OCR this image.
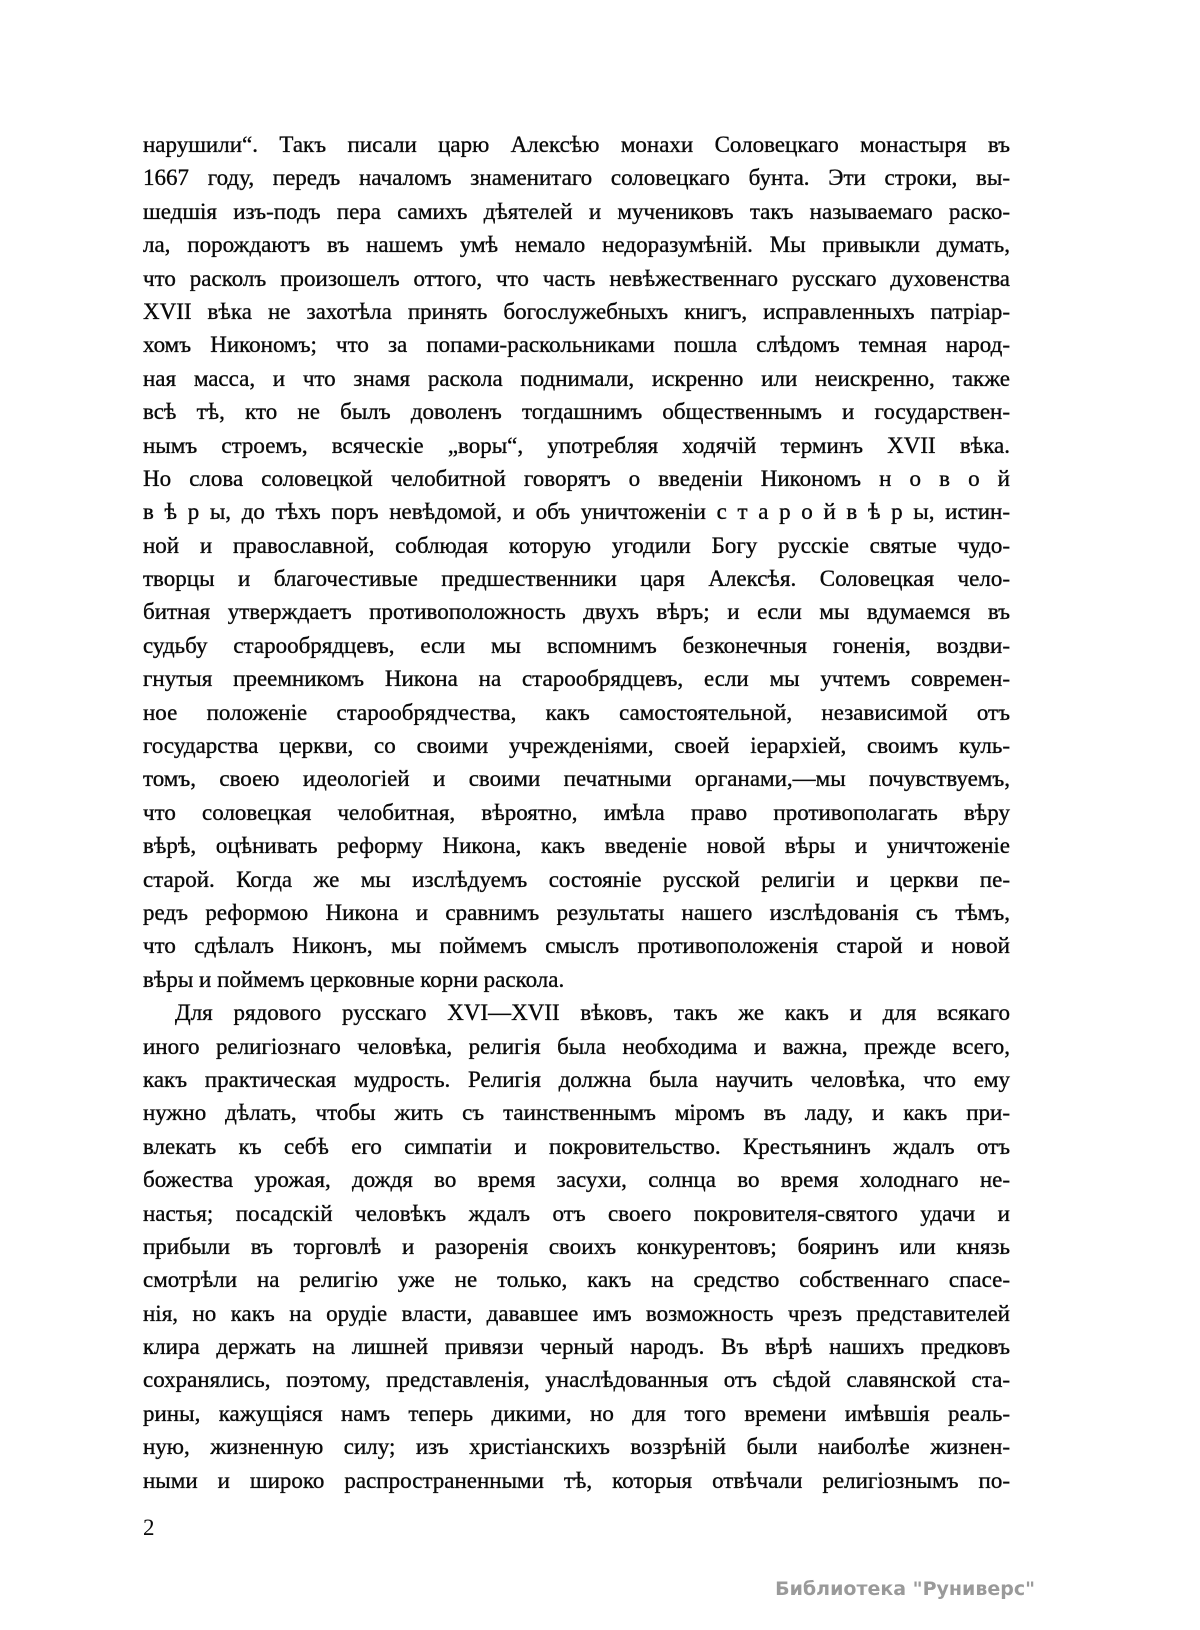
нарушили“. Такъ писали царю Алексѣю монахи Соловецкаго монастыря въ
1667 году, передъ началомъ знаменитаго соловецкаго бунта. Эти строки, вы-
шедшія изъ-подъ пера самихъ дѣятелей и мучениковъ такъ называемаго раско-
ла, порождаютъ въ нашемъ умѣ немало недоразумѣній. Мы привыкли думать,
что расколъ произошелъ оттого, что часть невѣжественнаго русскаго духовенства
XVII вѣка не захотѣла принять богослужебныхъ книгъ, исправленныхъ патріар-
хомъ Никономъ; что за попами-раскольниками пошла слѣдомъ темная народ-
ная масса, и что знамя раскола поднимали, искренно или неискренно, также
всѣ тѣ, кто не былъ доволенъ тогдашнимъ общественнымъ и государствен-
нымъ строемъ, всяческіе „воры“, употребляя ходячій терминъ XVII вѣка.
Но слова соловецкой челобитной говорятъ о введеніи Никономъ н о в о й
в ѣ р ы, до тѣхъ поръ невѣдомой, и объ уничтоженіи с т а р о й в ѣ р ы, истин-
ной и православной, соблюдая которую угодили Богу русскіе святые чудо-
творцы и благочестивые предшественники царя Алексѣя. Соловецкая чело-
битная утверждаетъ противоположность двухъ вѣръ; и если мы вдумаемся въ
судьбу старообрядцевъ, если мы вспомнимъ безконечныя гоненія, воздви-
гнутыя преемникомъ Никона на старообрядцевъ, если мы учтемъ современ-
ное положеніе старообрядчества, какъ самостоятельной, независимой отъ
государства церкви, со своими учрежденіями, своей іерархіей, своимъ куль-
томъ, своею идеологіей и своими печатными органами,—мы почувствуемъ,
что соловецкая челобитная, вѣроятно, имѣла право противополагать вѣру
вѣрѣ, оцѣнивать реформу Никона, какъ введеніе новой вѣры и уничтоженіе
старой. Когда же мы изслѣдуемъ состояніе русской религіи и церкви пе-
редъ реформою Никона и сравнимъ результаты нашего изслѣдованія съ тѣмъ,
что сдѣлалъ Никонъ, мы поймемъ смыслъ противоположенія старой и новой
вѣры и поймемъ церковные корни раскола.
Для рядового русскаго XVI—XVII вѣковъ, такъ же какъ и для всякаго
иного религіознаго человѣка, религія была необходима и важна, прежде всего,
какъ практическая мудрость. Религія должна была научить человѣка, что ему
нужно дѣлать, чтобы жить съ таинственнымъ міромъ въ ладу, и какъ при-
влекать къ себѣ его симпатіи и покровительство. Крестьянинъ ждалъ отъ
божества урожая, дождя во время засухи, солнца во время холоднаго не-
настья; посадскій человѣкъ ждалъ отъ своего покровителя-святого удачи и
прибыли въ торговлѣ и разоренія своихъ конкурентовъ; бояринъ или князь
смотрѣли на религію уже не только, какъ на средство собственнаго спасе-
нія, но какъ на орудіе власти, дававшее имъ возможность чрезъ представителей
клира держать на лишней привязи черный народъ. Въ вѣрѣ нашихъ предковъ
сохранялись, поэтому, представленія, унаслѣдованныя отъ сѣдой славянской ста-
рины, кажущіяся намъ теперь дикими, но для того времени имѣвшія реаль-
ную, жизненную силу; изъ христіанскихъ воззрѣній были наиболѣе жизнен-
ными и широко распространенными тѣ, которыя отвѣчали религіознымъ по-
2
Библиотека "Руниверс"
